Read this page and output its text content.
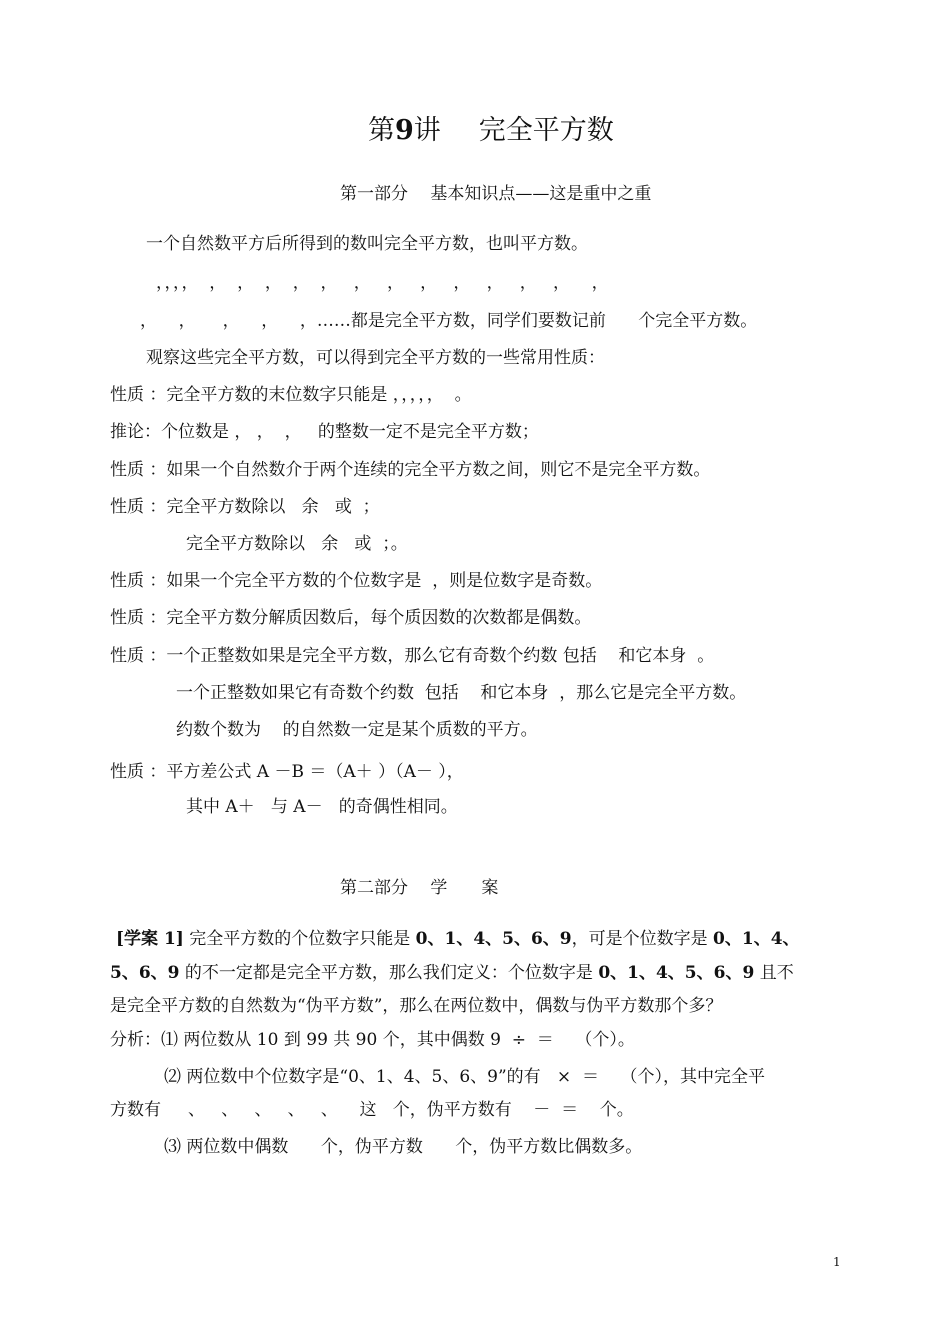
第9讲 完全平方数
第一部分　 基本知识点——这是重中之重
一个自然数平方后所得到的数叫完全平方数，也叫平方数。
，，，，  ，  ，  ，  ，  ，   ，   ，   ，   ，   ，   ，   ，    ，
，    ，     ，    ，    ，……都是完全平方数，同学们要数记前      个完全平方数。
观察这些完全平方数，可以得到完全平方数的一些常用性质：
性质 ：完全平方数的末位数字只能是 ，，，，，  。
推论：个位数是 ， ，  ，   的整数一定不是完全平方数；
性质 ：如果一个自然数介于两个连续的完全平方数之间，则它不是完全平方数。
性质 ：完全平方数除以   余   或  ；
完全平方数除以   余   或  ；。
性质 ：如果一个完全平方数的个位数字是  ，则是位数字是奇数。
性质 ：完全平方数分解质因数后，每个质因数的次数都是偶数。
性质 ：一个正整数如果是完全平方数，那么它有奇数个约数 包括    和它本身  。
一个正整数如果它有奇数个约数  包括    和它本身  ，那么它是完全平方数。
约数个数为    的自然数一定是某个质数的平方。
性质 ：平方差公式 A －B ＝（A＋ ）（A－ ），
其中 A＋   与 A－   的奇偶性相同。
第二部分　 学　　案
[学案 1] 完全平方数的个位数字只能是 0、1、4、5、6、9，可是个位数字是 0、1、4、
5、6、9 的不一定都是完全平方数，那么我们定义：个位数字是 0、1、4、5、6、9 且不
是完全平方数的自然数为“伪平方数”，那么在两位数中，偶数与伪平方数那个多？
分析：⑴ 两位数从 10 到 99 共 90 个，其中偶数 9  ÷  ＝    （个）。
⑵ 两位数中个位数字是“0、1、4、5、6、9”的有   ×  ＝    （个），其中完全平
方数有     、   、   、   、   、    这   个，伪平方数有    －  ＝    个。
⑶ 两位数中偶数      个，伪平方数      个，伪平方数比偶数多。
1
